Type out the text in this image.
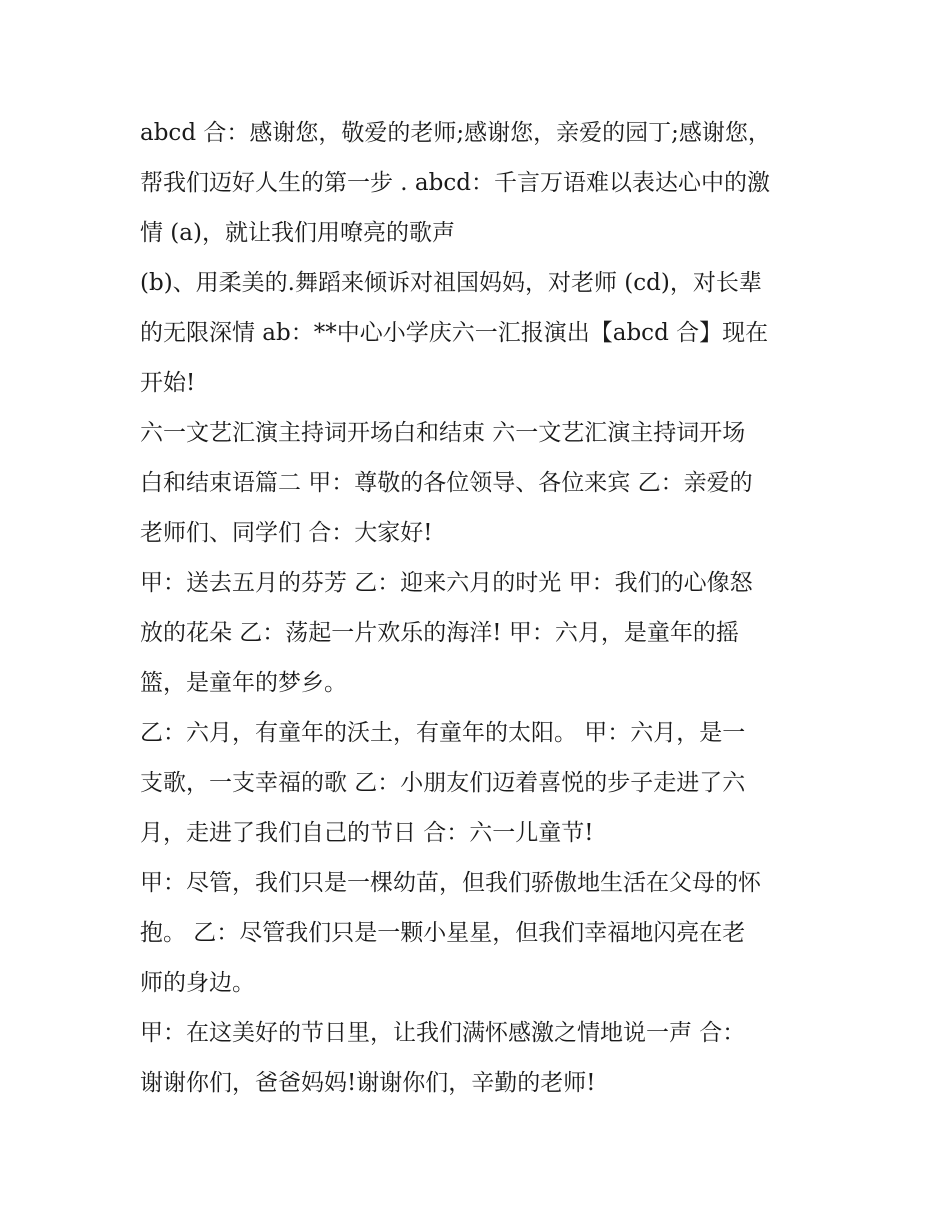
abcd 合：感谢您，敬爱的老师;感谢您，亲爱的园丁;感谢您，
帮我们迈好人生的第一步 . abcd：千言万语难以表达心中的激
情 (a)，就让我们用嘹亮的歌声
(b)、用柔美的.舞蹈来倾诉对祖国妈妈，对老师 (cd)，对长辈
的无限深情 ab：**中心小学庆六一汇报演出【abcd 合】现在
开始!
六一文艺汇演主持词开场白和结束 六一文艺汇演主持词开场
白和结束语篇二 甲：尊敬的各位领导、各位来宾 乙：亲爱的
老师们、同学们 合：大家好!
甲：送去五月的芬芳 乙：迎来六月的时光 甲：我们的心像怒
放的花朵 乙：荡起一片欢乐的海洋! 甲：六月，是童年的摇
篮，是童年的梦乡。
乙：六月，有童年的沃土，有童年的太阳。 甲：六月，是一
支歌，一支幸福的歌 乙：小朋友们迈着喜悦的步子走进了六
月，走进了我们自己的节日 合：六一儿童节!
甲：尽管，我们只是一棵幼苗，但我们骄傲地生活在父母的怀
抱。 乙：尽管我们只是一颗小星星，但我们幸福地闪亮在老
师的身边。
甲：在这美好的节日里，让我们满怀感激之情地说一声 合：
谢谢你们，爸爸妈妈!谢谢你们，辛勤的老师!
